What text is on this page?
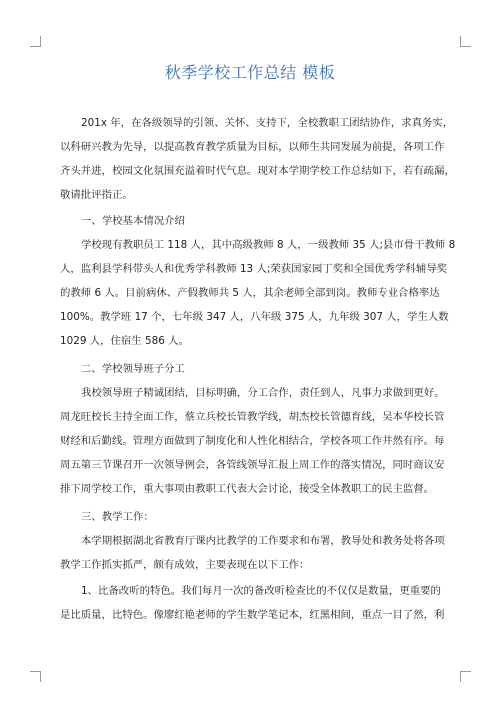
秋季学校工作总结 模板
201x 年，在各级领导的引领、关怀、支持下，全校教职工团结协作，求真务实，
以科研兴教为先导，以提高教育教学质量为目标，以师生共同发展为前提，各项工作
齐头并进，校园文化氛围充溢着时代气息。现对本学期学校工作总结如下，若有疏漏，
敬请批评指正。
一、学校基本情况介绍
学校现有教职员工 118 人，其中高级教师 8 人，一级教师 35 人;县市骨干教师 8
人，监利县学科带头人和优秀学科教师 13 人;荣获国家园丁奖和全国优秀学科辅导奖
的教师 6 人。目前病休、产假教师共 5 人，其余老师全部到岗。教师专业合格率达
100%。教学班 17 个，七年级 347 人，八年级 375 人，九年级 307 人，学生人数
1029 人，住宿生 586 人。
二、学校领导班子分工
我校领导班子精诚团结，目标明确，分工合作，责任到人，凡事力求做到更好。
周龙旺校长主持全面工作，蔡立兵校长管教学线，胡杰校长管德育线，吴本华校长管
财经和后勤线。管理方面做到了制度化和人性化相结合，学校各项工作井然有序。每
周五第三节课召开一次领导例会，各管线领导汇报上周工作的落实情况，同时商议安
排下周学校工作，重大事项由教职工代表大会讨论，接受全体教职工的民主监督。
三、教学工作：
本学期根据湖北省教育厅课内比教学的工作要求和布署，教导处和教务处将各项
教学工作抓实抓严，颇有成效，主要表现在以下工作：
1、比备改听的特色。我们每月一次的备改听检查比的不仅仅是数量，更重要的
是比质量，比特色。像廖红艳老师的学生数学笔记本，红黑相间，重点一目了然，利
